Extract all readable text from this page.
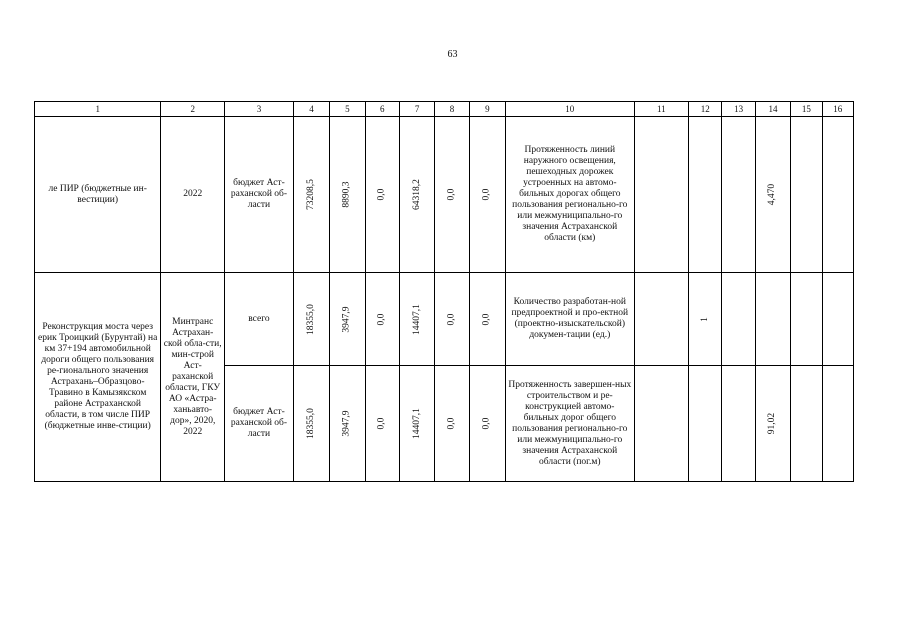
63
1	2	3	4	5	6	7	8	9	10	11	12	13	14	15	16
ле ПИР (бюджетные ин-вестиции)	2022	бюджет Аст-раханской об-ласти	73208,5	8890,3	0,0	64318,2	0,0	0,0	Протяженность линий наружного освещения, пешеходных дорожек устроенных на автомо-бильных дорогах общего пользования регионально-го или межмуниципально-го значения Астраханской области (км)				4,470		
Реконструкция моста через ерик Троицкий (Бурунтай) на км 37+194 автомобильной дороги общего пользования ре-гионального значения Астрахань–Образцово-Травино в Камызякском районе Астраханской области, в том числе ПИР (бюджетные инве-стиции)	Минтранс Астрахан-ской обла-сти, мин-строй Аст-раханской области, ГКУ АО «Астра-ханьавто-дор», 2020, 2022	всего	18355,0	3947,9	0,0	14407,1	0,0	0,0	Количество разработан-ной предпроектной и про-ектной (проектно-изыскательской) докумен-тации (ед.)		1				
		бюджет Аст-раханской об-ласти	18355,0	3947,9	0,0	14407,1	0,0	0,0	Протяженность завершен-ных строительством и ре-конструкцией автомо-бильных дорог общего пользования регионально-го или межмуниципально-го значения Астраханской области (пог.м)				91,02		
